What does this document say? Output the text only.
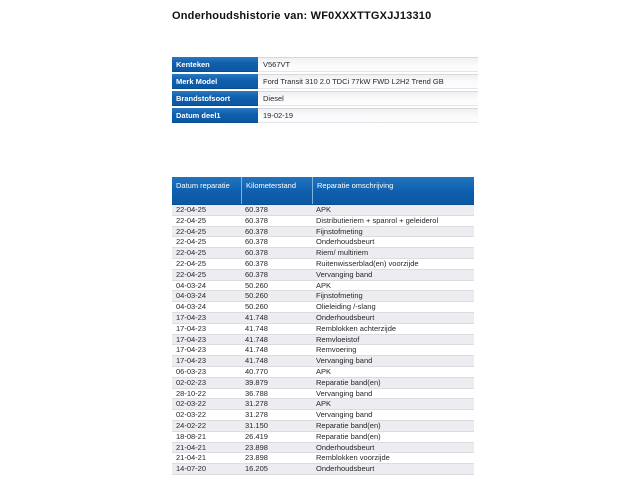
Onderhoudshistorie van: WF0XXXTTGXJJ13310
Kenteken	V567VT
Merk Model	Ford Transit 310 2.0 TDCi 77kW FWD L2H2 Trend GB
Brandstofsoort	Diesel
Datum deel1	19-02-19
Datum reparatie	Kilometerstand	Reparatie omschrijving
22-04-25	60.378	APK
22-04-25	60.378	Distributieriem + spanrol + geleiderol
22-04-25	60.378	Fijnstofmeting
22-04-25	60.378	Onderhoudsbeurt
22-04-25	60.378	Riem/ multiriem
22-04-25	60.378	Ruitenwisserblad(en) voorzijde
22-04-25	60.378	Vervanging band
04-03-24	50.260	APK
04-03-24	50.260	Fijnstofmeting
04-03-24	50.260	Olieleiding /-slang
17-04-23	41.748	Onderhoudsbeurt
17-04-23	41.748	Remblokken achterzijde
17-04-23	41.748	Remvloeistof
17-04-23	41.748	Remvoering
17-04-23	41.748	Vervanging band
06-03-23	40.770	APK
02-02-23	39.879	Reparatie band(en)
28-10-22	36.788	Vervanging band
02-03-22	31.278	APK
02-03-22	31.278	Vervanging band
24-02-22	31.150	Reparatie band(en)
18-08-21	26.419	Reparatie band(en)
21-04-21	23.898	Onderhoudsbeurt
21-04-21	23.898	Remblokken voorzijde
14-07-20	16.205	Onderhoudsbeurt
